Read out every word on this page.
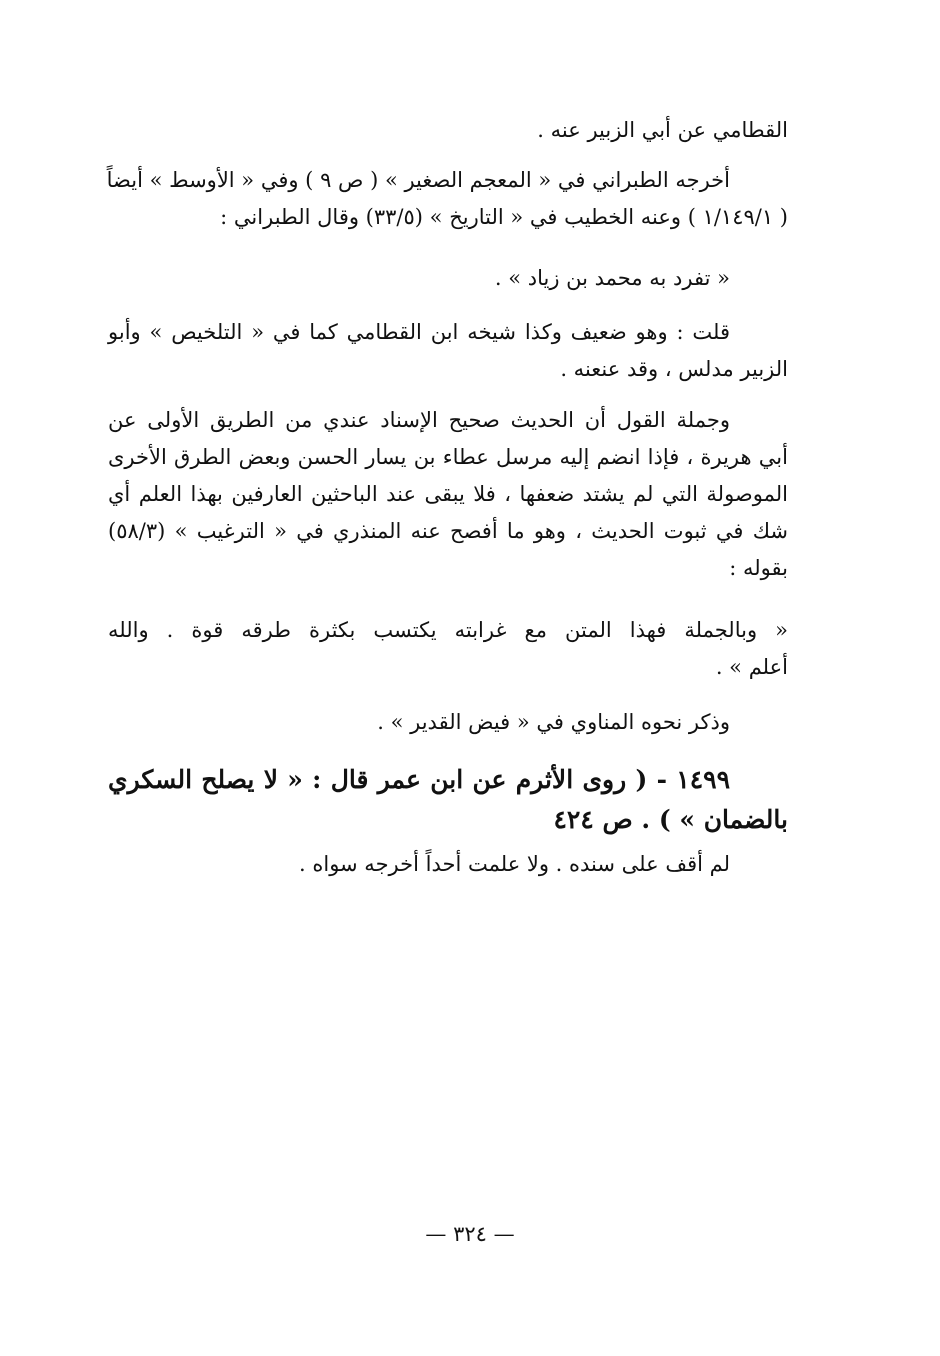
القطامي عن أبي الزبير عنه .

أخرجه الطبراني في « المعجم الصغير » ( ص ٩ ) وفي « الأوسط » أيضاً
( ١/١٤٩/١ ) وعنه الخطيب في « التاريخ » (٣٣/٥) وقال الطبراني :

« تفرد به محمد بن زياد » .

قلت : وهو ضعيف وكذا شيخه ابن القطامي كما في « التلخيص » وأبو
الزبير مدلس ، وقد عنعنه .

وجملة القول أن الحديث صحيح الإسناد عندي من الطريق الأولى عن
أبي هريرة ، فإذا انضم إليه مرسل عطاء بن يسار الحسن وبعض الطرق الأخرى
الموصولة التي لم يشتد ضعفها ، فلا يبقى عند الباحثين العارفين بهذا العلم أي
شك في ثبوت الحديث ، وهو ما أفصح عنه المنذري في « الترغيب » (٥٨/٣)
بقوله :

« وبالجملة فهذا المتن مع غرابته يكتسب بكثرة طرقه قوة . والله
أعلم » .

وذكر نحوه المناوي في « فيض القدير » .

١٤٩٩ - ( روى الأثرم عن ابن عمر قال : « لا يصلح السكري
بالضمان » ) . ص ٤٢٤

لم أقف على سنده . ولا علمت أحداً أخرجه سواه .

— ٣٢٤ —
